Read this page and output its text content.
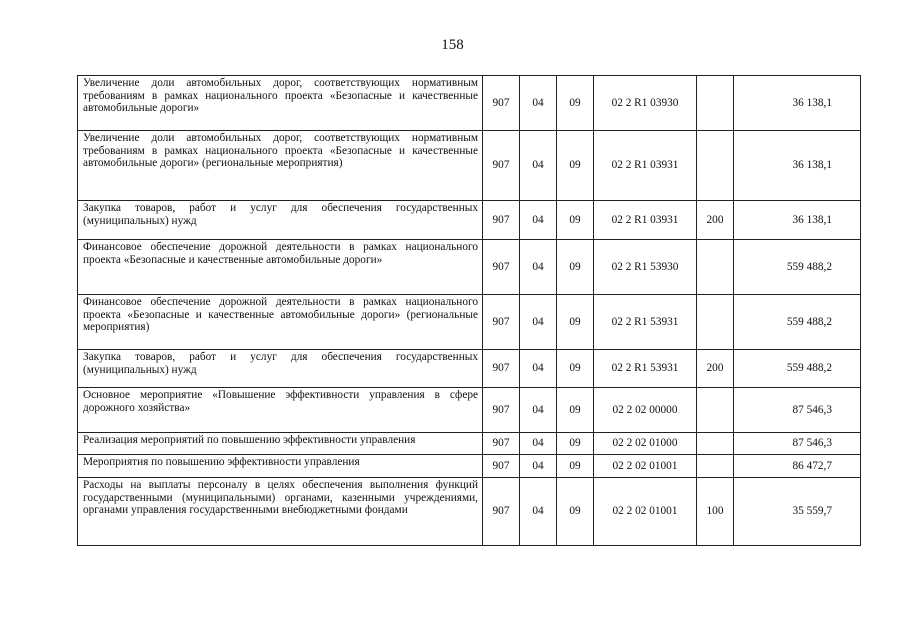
158
Увеличение доли автомобильных дорог, соответствующих нормативным требованиям в рамках национального проекта «Безопасные и качественные автомобильные дороги»	907	04	09	02 2 R1 03930		36 138,1
Увеличение доли автомобильных дорог, соответствующих нормативным требованиям в рамках национального проекта «Безопасные и качественные автомобильные дороги» (региональные мероприятия)	907	04	09	02 2 R1 03931		36 138,1
Закупка товаров, работ и услуг для обеспечения государственных (муниципальных) нужд	907	04	09	02 2 R1 03931	200	36 138,1
Финансовое обеспечение дорожной деятельности в рамках национального проекта «Безопасные и качественные автомобильные дороги»	907	04	09	02 2 R1 53930		559 488,2
Финансовое обеспечение дорожной деятельности в рамках национального проекта «Безопасные и качественные автомобильные дороги» (региональные мероприятия)	907	04	09	02 2 R1 53931		559 488,2
Закупка товаров, работ и услуг для обеспечения государственных (муниципальных) нужд	907	04	09	02 2 R1 53931	200	559 488,2
Основное мероприятие «Повышение эффективности управления в сфере дорожного хозяйства»	907	04	09	02 2 02 00000		87 546,3
Реализация мероприятий по повышению эффективности управления	907	04	09	02 2 02 01000		87 546,3
Мероприятия по повышению эффективности управления	907	04	09	02 2 02 01001		86 472,7
Расходы на выплаты персоналу в целях обеспечения выполнения функций государственными (муниципальными) органами, казенными учреждениями, органами управления государственными внебюджетными фондами	907	04	09	02 2 02 01001	100	35 559,7
